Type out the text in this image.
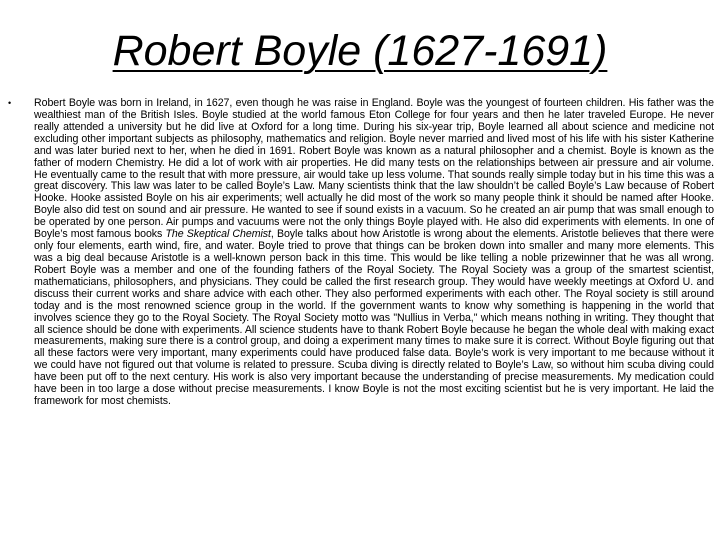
Robert Boyle (1627-1691)
•	Robert Boyle was born in Ireland, in 1627, even though he was raise in England. Boyle was the youngest of fourteen children. His father was the wealthiest man of the British Isles. Boyle studied at the world famous Eton College for four years and then he later traveled Europe. He never really attended a university but he did live at Oxford for a long time. During his six-year trip, Boyle learned all about science and medicine not excluding other important subjects as philosophy, mathematics and religion. Boyle never married and lived most of his life with his sister Katherine and was later buried next to her, when he died in 1691. Robert Boyle was known as a natural philosopher and a chemist. Boyle is known as the father of modern Chemistry. He did a lot of work with air properties. He did many tests on the relationships between air pressure and air volume. He eventually came to the result that with more pressure, air would take up less volume. That sounds really simple today but in his time this was a great discovery. This law was later to be called Boyle’s Law. Many scientists think that the law shouldn’t be called Boyle’s Law because of Robert Hooke. Hooke assisted Boyle on his air experiments; well actually he did most of the work so many people think it should be named after Hooke. Boyle also did test on sound and air pressure. He wanted to see if sound exists in a vacuum. So he created an air pump that was small enough to be operated by one person. Air pumps and vacuums were not the only things Boyle played with. He also did experiments with elements. In one of Boyle’s most famous books The Skeptical Chemist, Boyle talks about how Aristotle is wrong about the elements. Aristotle believes that there were only four elements, earth wind, fire, and water. Boyle tried to prove that things can be broken down into smaller and many more elements. This was a big deal because Aristotle is a well-known person back in this time. This would be like telling a noble prizewinner that he was all wrong. Robert Boyle was a member and one of the founding fathers of the Royal Society. The Royal Society was a group of the smartest scientist, mathematicians, philosophers, and physicians. They could be called the first research group. They would have weekly meetings at Oxford U. and discuss their current works and share advice with each other. They also performed experiments with each other. The Royal society is still around today and is the most renowned science group in the world. If the government wants to know why something is happening in the world that involves science they go to the Royal Society. The Royal Society motto was "Nullius in Verba," which means nothing in writing. They thought that all science should be done with experiments. All science students have to thank Robert Boyle because he began the whole deal with making exact measurements, making sure there is a control group, and doing a experiment many times to make sure it is correct. Without Boyle figuring out that all these factors were very important, many experiments could have produced false data. Boyle’s work is very important to me because without it we could have not figured out that volume is related to pressure. Scuba diving is directly related to Boyle’s Law, so without him scuba diving could have been put off to the next century. His work is also very important because the understanding of precise measurements. My medication could have been in too large a dose without precise measurements. I know Boyle is not the most exciting scientist but he is very important. He laid the framework for most chemists.
